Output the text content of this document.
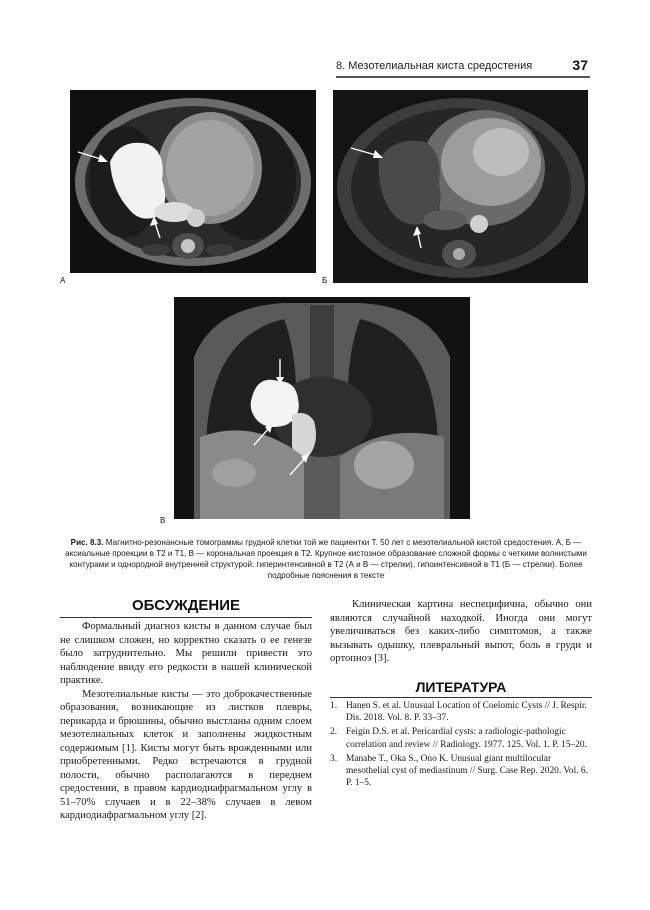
8. Мезотелиальная киста средостения	37
А	Б
В
Рис. 8.3. Магнитно-резонансные томограммы грудной клетки той же пациентки Т. 50 лет с мезотелиальной кистой средостения. А, Б — аксиальные проекции в Т2 и Т1, В — корональная проекция в Т2. Крупное кистозное образование сложной формы с четкими волнистыми контурами и однородной внутренней структурой: гиперинтенсивной в Т2 (А и В — стрелки), гипоинтенсивной в Т1 (Б — стрелки). Более подробные пояснения в тексте
ОБСУЖДЕНИЕ

Формальный диагноз кисты в данном случае был не слишком сложен, но корректно сказать о ее генезе было затруднительно. Мы решили привести это наблюдение ввиду его редкости в нашей клинической практике.

Мезотелиальные кисты — это доброкачественные образования, возникающие из листков плевры, перикарда и брюшины, обычно выстланы одним слоем мезотелиальных клеток и заполнены жидкостным содержимым [1]. Кисты могут быть врожденными или приобретенными. Редко встречаются в грудной полости, обычно располагаются в переднем средостении, в правом кардиодиафрагмальном углу в 51–70% случаев и в 22–38% случаев в левом кардиодиафрагмальном углу [2].

Клиническая картина неспецифична, обычно они являются случайной находкой. Иногда они могут увеличиваться без каких-либо симптомов, а также вызывать одышку, плевральный выпот, боль в груди и ортопноэ [3].

ЛИТЕРАТУРА
1. Hanen S. et al. Unusual Location of Coelomic Cysts // J. Respir. Dis. 2018. Vol. 8. P. 33–37.
2. Feigin D.S. et al. Pericardial cysts: a radiologic-pathologic correlation and review // Radiology. 1977. 125. Vol. 1. P. 15–20.
3. Manabe T., Oka S., Ono K. Unusual giant multilocular mesothelial cyst of mediastinum // Surg. Case Rep. 2020. Vol. 6. P. 1–5.
